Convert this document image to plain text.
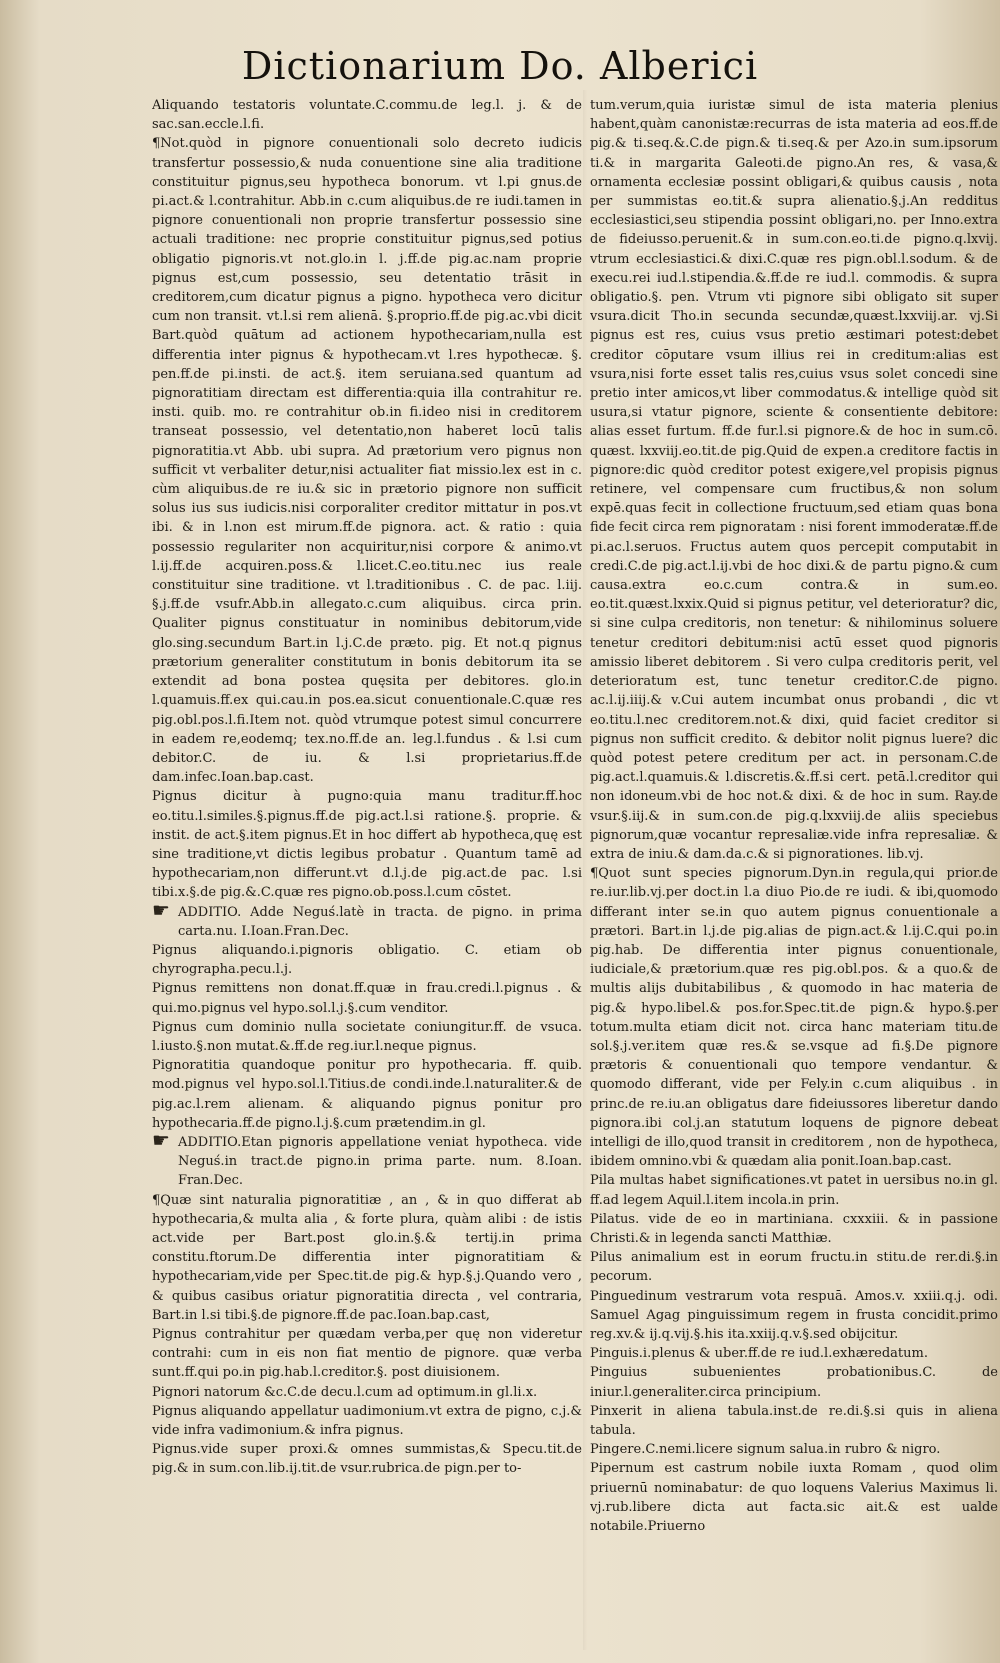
Dictionarium Do. Alberici

Aliquando testatoris voluntate.C.commu.de leg.l. j. & de sac.san.eccle.l.fi.

¶Not.quòd in pignore conuentionali solo decreto iudicis transfertur possessio,& nuda conuentione sine alia traditione constituitur pignus,seu hypotheca bonorum. vt l.pi gnus.de pi.act.& l.contrahitur. Abb.in c.cum aliquibus.de re iudi.tamen in pignore conuentionali non proprie transfertur possessio sine actuali traditione: nec proprie constituitur pignus,sed potius obligatio pignoris.vt not.glo.in l. j.ff.de pig.ac.nam proprie pignus est,cum possessio, seu detentatio trāsit in creditorem,cum dicatur pignus a pigno. hypotheca vero dicitur cum non transit. vt.l.si rem alienā. §.proprio.ff.de pig.ac.vbi dicit Bart.quòd quātum ad actionem hypothecariam,nulla est differentia inter pignus & hypothecam.vt l.res hypothecæ. §. pen.ff.de pi.insti. de act.§. item seruiana.sed quantum ad pignoratitiam directam est differentia:quia illa contrahitur re. insti. quib. mo. re contrahitur ob.in fi.ideo nisi in creditorem transeat possessio, vel detentatio,non haberet locū talis pignoratitia.vt Abb. ubi supra. Ad prætorium vero pignus non sufficit vt verbaliter detur,nisi actualiter fiat missio.lex est in c. cùm aliquibus.de re iu.& sic in prætorio pignore non sufficit solus ius sus iudicis.nisi corporaliter creditor mittatur in pos.vt ibi. & in l.non est mirum.ff.de pignora. act. & ratio : quia possessio regulariter non acquiritur,nisi corpore & animo.vt l.ij.ff.de acquiren.poss.& l.licet.C.eo.titu.nec ius reale constituitur sine traditione. vt l.traditionibus . C. de pac. l.iij. §.j.ff.de vsufr.Abb.in allegato.c.cum aliquibus. circa prin. Qualiter pignus constituatur in nominibus debitorum,vide glo.sing.secundum Bart.in l.j.C.de præto. pig. Et not.q pignus prætorium generaliter constitutum in bonis debitorum ita se extendit ad bona postea quęsita per debitores. glo.in l.quamuis.ff.ex qui.cau.in pos.ea.sicut conuentionale.C.quæ res pig.obl.pos.l.fi.Item not. quòd vtrumque potest simul concurrere in eadem re,eodemq; tex.no.ff.de an. leg.l.fundus . & l.si cum debitor.C. de iu. & l.si proprietarius.ff.de dam.infec.Ioan.bap.cast.

Pignus dicitur à pugno:quia manu traditur.ff.hoc eo.titu.l.similes.§.pignus.ff.de pig.act.l.si ratione.§. proprie. & instit. de act.§.item pignus.Et in hoc differt ab hypotheca,quę est sine traditione,vt dictis legibus probatur . Quantum tamē ad hypothecariam,non differunt.vt d.l.j.de pig.act.de pac. l.si tibi.x.§.de pig.&.C.quæ res pigno.ob.poss.l.cum cōstet.

☛ ADDITIO. Adde Neguś.latè in tracta. de pigno. in prima carta.nu. I.Ioan.Fran.Dec.

Pignus aliquando.i.pignoris obligatio. C. etiam ob chyrographa.pecu.l.j.

Pignus remittens non donat.ff.quæ in frau.credi.l.pignus . & qui.mo.pignus vel hypo.sol.l.j.§.cum venditor.

Pignus cum dominio nulla societate coniungitur.ff. de vsuca. l.iusto.§.non mutat.&.ff.de reg.iur.l.neque pignus.

Pignoratitia quandoque ponitur pro hypothecaria. ff. quib. mod.pignus vel hypo.sol.l.Titius.de condi.inde.l.naturaliter.& de pig.ac.l.rem alienam. & aliquando pignus ponitur pro hypothecaria.ff.de pigno.l.j.§.cum prætendim.in gl.

☛ ADDITIO.Etan pignoris appellatione veniat hypotheca. vide Neguś.in tract.de pigno.in prima parte. num. 8.Ioan. Fran.Dec.

¶Quæ sint naturalia pignoratitiæ , an , & in quo differat ab hypothecaria,& multa alia , & forte plura, quàm alibi : de istis act.vide per Bart.post glo.in.§.& tertij.in prima constitu.ftorum.De differentia inter pignoratitiam & hypothecariam,vide per Spec.tit.de pig.& hyp.§.j.Quando vero , & quibus casibus oriatur pignoratitia directa , vel contraria, Bart.in l.si tibi.§.de pignore.ff.de pac.Ioan.bap.cast,

Pignus contrahitur per quædam verba,per quę non videretur contrahi: cum in eis non fiat mentio de pignore. quæ verba sunt.ff.qui po.in pig.hab.l.creditor.§. post diuisionem.

Pignori natorum &c.C.de decu.l.cum ad optimum.in gl.li.x.

Pignus aliquando appellatur uadimonium.vt extra de pigno, c.j.& vide infra vadimonium.& infra pignus.

Pignus.vide super proxi.& omnes summistas,& Specu.tit.de pig.& in sum.con.lib.ij.tit.de vsur.rubrica.de pign.per to-

tum.verum,quia iuristæ simul de ista materia plenius habent,quàm canonistæ:recurras de ista materia ad eos.ff.de pig.& ti.seq.&.C.de pign.& ti.seq.& per Azo.in sum.ipsorum ti.& in margarita Galeoti.de pigno.An res, & vasa,& ornamenta ecclesiæ possint obligari,& quibus causis , nota per summistas eo.tit.& supra alienatio.§.j.An redditus ecclesiastici,seu stipendia possint obligari,no. per Inno.extra de fideiusso.peruenit.& in sum.con.eo.ti.de pigno.q.lxvij. vtrum ecclesiastici.& dixi.C.quæ res pign.obl.l.sodum. & de execu.rei iud.l.stipendia.&.ff.de re iud.l. commodis. & supra obligatio.§. pen. Vtrum vti pignore sibi obligato sit super vsura.dicit Tho.in secunda secundæ,quæst.lxxviij.ar. vj.Si pignus est res, cuius vsus pretio æstimari potest:debet creditor cōputare vsum illius rei in creditum:alias est vsura,nisi forte esset talis res,cuius vsus solet concedi sine pretio inter amicos,vt liber commodatus.& intellige quòd sit usura,si vtatur pignore, sciente & consentiente debitore: alias esset furtum. ff.de fur.l.si pignore.& de hoc in sum.cō. quæst. lxxviij.eo.tit.de pig.Quid de expen.a creditore factis in pignore:dic quòd creditor potest exigere,vel propisis pignus retinere, vel compensare cum fructibus,& non solum expē.quas fecit in collectione fructuum,sed etiam quas bona fide fecit circa rem pignoratam : nisi forent immoderatæ.ff.de pi.ac.l.seruos. Fructus autem quos percepit computabit in credi.C.de pig.act.l.ij.vbi de hoc dixi.& de partu pigno.& cum causa.extra eo.c.cum contra.& in sum.eo. eo.tit.quæst.lxxix.Quid si pignus petitur, vel deterioratur? dic, si sine culpa creditoris, non tenetur: & nihilominus soluere tenetur creditori debitum:nisi actū esset quod pignoris amissio liberet debitorem . Si vero culpa creditoris perit, vel deterioratum est, tunc tenetur creditor.C.de pigno. ac.l.ij.iiij.& v.Cui autem incumbat onus probandi , dic vt eo.titu.l.nec creditorem.not.& dixi, quid faciet creditor si pignus non sufficit credito. & debitor nolit pignus luere? dic quòd potest petere creditum per act. in personam.C.de pig.act.l.quamuis.& l.discretis.&.ff.si cert. petā.l.creditor qui non idoneum.vbi de hoc not.& dixi. & de hoc in sum. Ray.de vsur.§.iij.& in sum.con.de pig.q.lxxviij.de aliis speciebus pignorum,quæ vocantur represaliæ.vide infra represaliæ. & extra de iniu.& dam.da.c.& si pignorationes. lib.vj.

¶Quot sunt species pignorum.Dyn.in regula,qui prior.de re.iur.lib.vj.per doct.in l.a diuo Pio.de re iudi. & ibi,quomodo differant inter se.in quo autem pignus conuentionale a prætori. Bart.in l.j.de pig.alias de pign.act.& l.ij.C.qui po.in pig.hab. De differentia inter pignus conuentionale, iudiciale,& prætorium.quæ res pig.obl.pos. & a quo.& de multis alijs dubitabilibus , & quomodo in hac materia de pig.& hypo.libel.& pos.for.Spec.tit.de pign.& hypo.§.per totum.multa etiam dicit not. circa hanc materiam titu.de sol.§.j.ver.item quæ res.& se.vsque ad fi.§.De pignore prætoris & conuentionali quo tempore vendantur. & quomodo differant, vide per Fely.in c.cum aliquibus . in princ.de re.iu.an obligatus dare fideiussores liberetur dando pignora.ibi col.j.an statutum loquens de pignore debeat intelligi de illo,quod transit in creditorem , non de hypotheca, ibidem omnino.vbi & quædam alia ponit.Ioan.bap.cast.

Pila multas habet significationes.vt patet in uersibus no.in gl. ff.ad legem Aquil.l.item incola.in prin.

Pilatus. vide de eo in martiniana. cxxxiii. & in passione Christi.& in legenda sancti Matthiæ.

Pilus animalium est in eorum fructu.in stitu.de rer.di.§.in pecorum.

Pinguedinum vestrarum vota respuā. Amos.v. xxiii.q.j. odi. Samuel Agag pinguissimum regem in frusta concidit.primo reg.xv.& ij.q.vij.§.his ita.xxiij.q.v.§.sed obijcitur.

Pinguis.i.plenus & uber.ff.de re iud.l.exhæredatum.

Pinguius subuenientes probationibus.C. de iniur.l.generaliter.circa principium.

Pinxerit in aliena tabula.inst.de re.di.§.si quis in aliena tabula.

Pingere.C.nemi.licere signum salua.in rubro & nigro.

Pipernum est castrum nobile iuxta Romam , quod olim priuernū nominabatur: de quo loquens Valerius Maximus li. vj.rub.libere dicta aut facta.sic ait.& est ualde notabile.Priuerno
